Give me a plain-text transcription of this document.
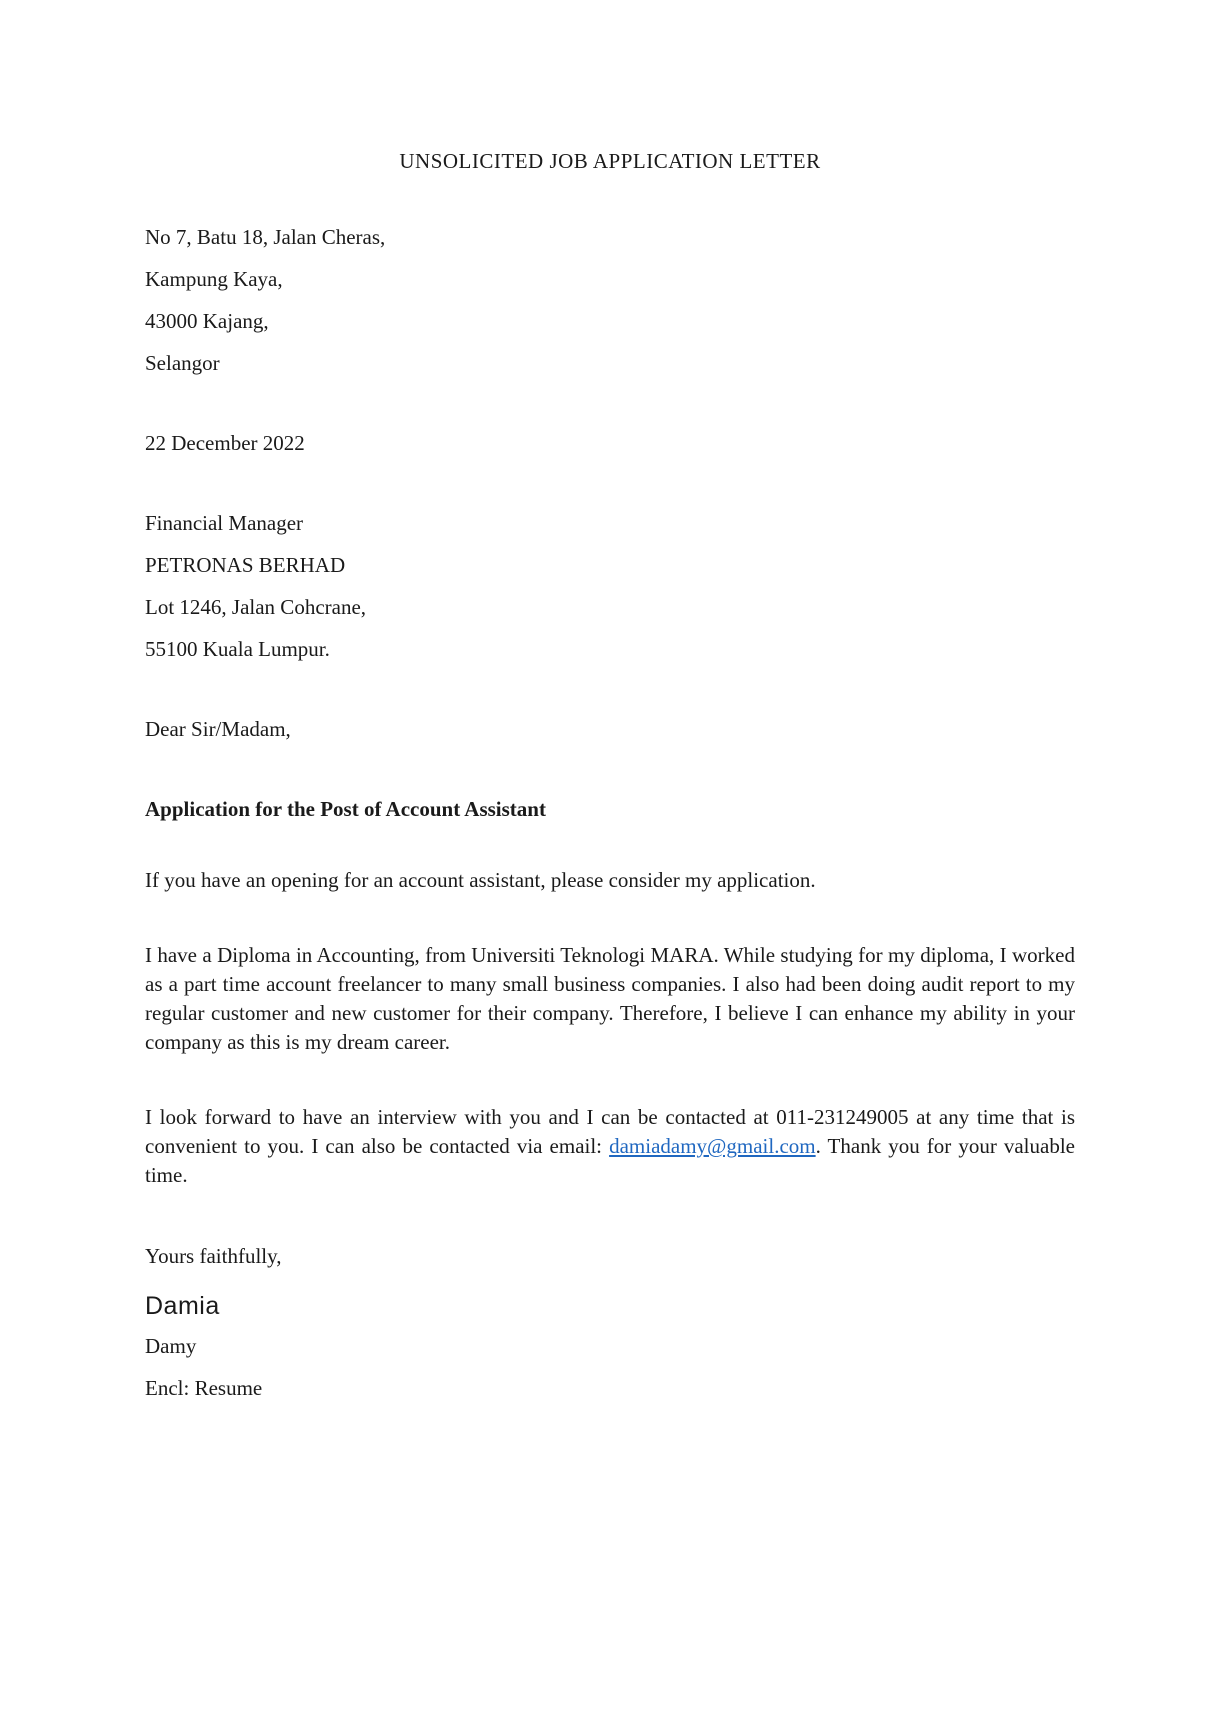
UNSOLICITED JOB APPLICATION LETTER

No 7, Batu 18, Jalan Cheras,

Kampung Kaya,

43000 Kajang,

Selangor

22 December 2022

Financial Manager

PETRONAS BERHAD

Lot 1246, Jalan Cohcrane,

55100 Kuala Lumpur.

Dear Sir/Madam,

Application for the Post of Account Assistant

If you have an opening for an account assistant, please consider my application.

I have a Diploma in Accounting, from Universiti Teknologi MARA. While studying for my diploma, I worked as a part time account freelancer to many small business companies. I also had been doing audit report to my regular customer and new customer for their company. Therefore, I believe I can enhance my ability in your company as this is my dream career.

I look forward to have an interview with you and I can be contacted at 011-231249005 at any time that is convenient to you. I can also be contacted via email: damiadamy@gmail.com. Thank you for your valuable time.

Yours faithfully,

Damia

Damy

Encl: Resume
